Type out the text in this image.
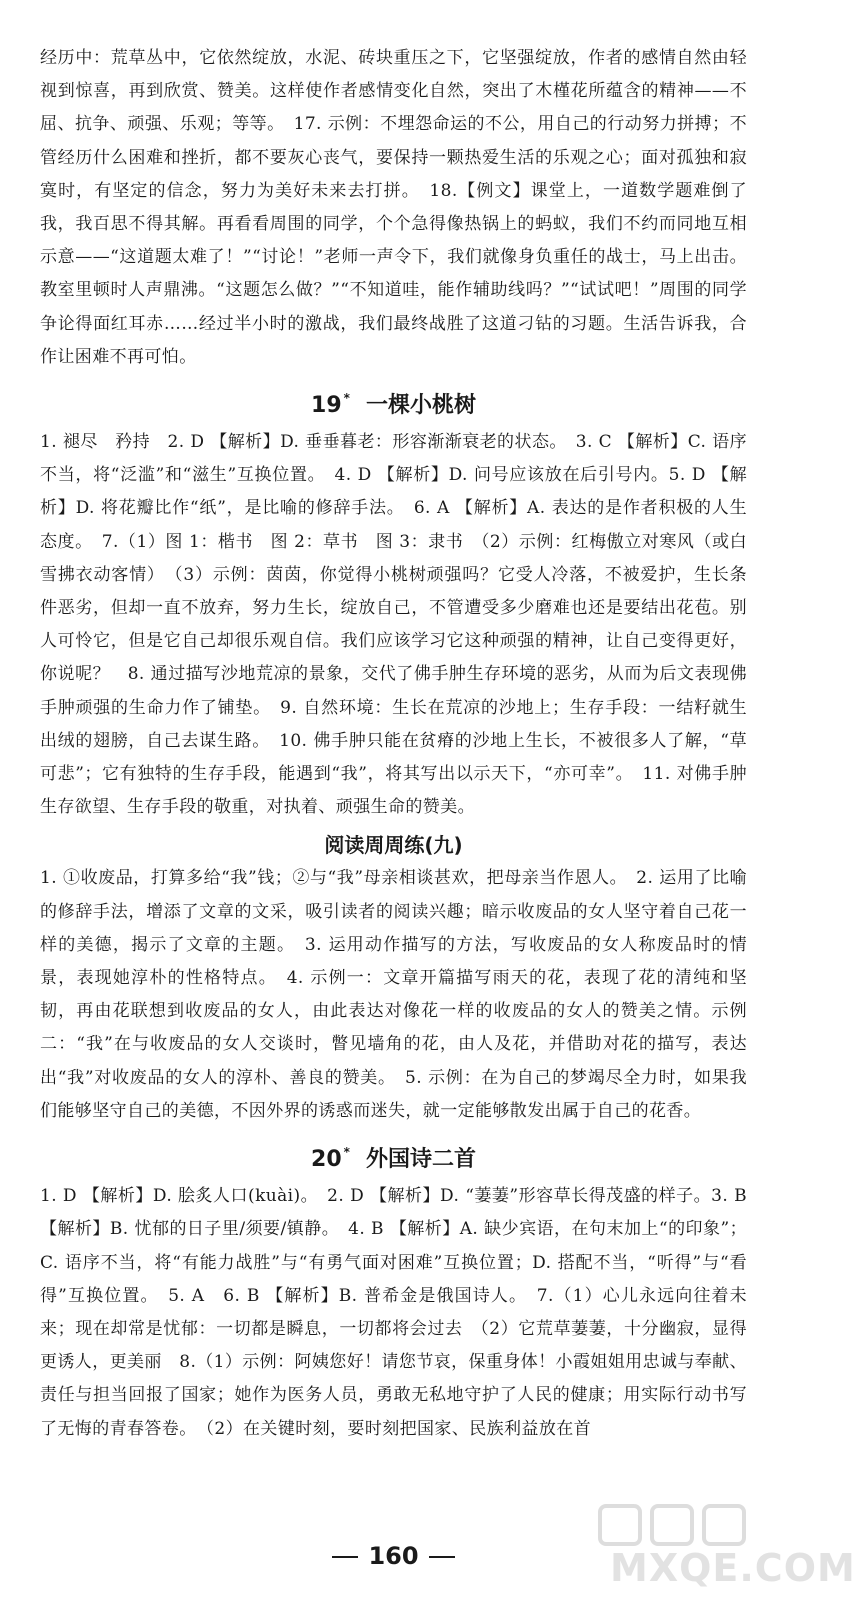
经历中：荒草丛中，它依然绽放，水泥、砖块重压之下，它坚强绽放，作者的感情自然由轻视到惊喜，再到欣赏、赞美。这样使作者感情变化自然，突出了木槿花所蕴含的精神——不屈、抗争、顽强、乐观；等等。　17. 示例：不埋怨命运的不公，用自己的行动努力拼搏；不管经历什么困难和挫折，都不要灰心丧气，要保持一颗热爱生活的乐观之心；面对孤独和寂寞时，有坚定的信念，努力为美好未来去打拼。　18.【例文】课堂上，一道数学题难倒了我，我百思不得其解。再看看周围的同学，个个急得像热锅上的蚂蚁，我们不约而同地互相示意——“这道题太难了！”“讨论！”老师一声令下，我们就像身负重任的战士，马上出击。教室里顿时人声鼎沸。“这题怎么做？”“不知道哇，能作辅助线吗？”“试试吧！”周围的同学争论得面红耳赤……经过半小时的激战，我们最终战胜了这道刁钻的习题。生活告诉我，合作让困难不再可怕。

19 * 一棵小桃树

1. 褪尽　矜持　2. D 【解析】D. 垂垂暮老：形容渐渐衰老的状态。　3. C 【解析】C. 语序不当，将“泛滥”和“滋生”互换位置。　4. D 【解析】D. 问号应该放在后引号内。5. D 【解析】D. 将花瓣比作“纸”，是比喻的修辞手法。　6. A 【解析】A. 表达的是作者积极的人生态度。　7.（1）图 1：楷书　图 2：草书　图 3：隶书　（2）示例：红梅傲立对寒风（或白雪拂衣动客情）　（3）示例：茵茵，你觉得小桃树顽强吗？它受人冷落，不被爱护，生长条件恶劣，但却一直不放弃，努力生长，绽放自己，不管遭受多少磨难也还是要结出花苞。别人可怜它，但是它自己却很乐观自信。我们应该学习它这种顽强的精神，让自己变得更好，你说呢？　8. 通过描写沙地荒凉的景象，交代了佛手肿生存环境的恶劣，从而为后文表现佛手肿顽强的生命力作了铺垫。　9. 自然环境：生长在荒凉的沙地上；生存手段：一结籽就生出绒的翅膀，自己去谋生路。　10. 佛手肿只能在贫瘠的沙地上生长，不被很多人了解，“草可悲”；它有独特的生存手段，能遇到“我”，将其写出以示天下，“亦可幸”。　11. 对佛手肿生存欲望、生存手段的敬重，对执着、顽强生命的赞美。

阅读周周练(九)

1. ①收废品，打算多给“我”钱；②与“我”母亲相谈甚欢，把母亲当作恩人。　2. 运用了比喻的修辞手法，增添了文章的文采，吸引读者的阅读兴趣；暗示收废品的女人坚守着自己花一样的美德，揭示了文章的主题。　3. 运用动作描写的方法，写收废品的女人称废品时的情景，表现她淳朴的性格特点。　4. 示例一：文章开篇描写雨天的花，表现了花的清纯和坚韧，再由花联想到收废品的女人，由此表达对像花一样的收废品的女人的赞美之情。示例二：“我”在与收废品的女人交谈时，瞥见墙角的花，由人及花，并借助对花的描写，表达出“我”对收废品的女人的淳朴、善良的赞美。　5. 示例：在为自己的梦竭尽全力时，如果我们能够坚守自己的美德，不因外界的诱惑而迷失，就一定能够散发出属于自己的花香。

20 * 外国诗二首

1. D 【解析】D. 脍炙人口(kuài)。　2. D 【解析】D. “萋萋”形容草长得茂盛的样子。3. B 【解析】B. 忧郁的日子里/须要/镇静。　4. B 【解析】A. 缺少宾语，在句末加上“的印象”；C. 语序不当，将“有能力战胜”与“有勇气面对困难”互换位置；D. 搭配不当，“听得”与“看得”互换位置。　5. A　6. B 【解析】B. 普希金是俄国诗人。　7.（1）心儿永远向往着未来；现在却常是忧郁：一切都是瞬息，一切都将会过去　（2）它荒草萋萋，十分幽寂，显得更诱人，更美丽　8.（1）示例：阿姨您好！请您节哀，保重身体！小霞姐姐用忠诚与奉献、责任与担当回报了国家；她作为医务人员，勇敢无私地守护了人民的健康；用实际行动书写了无悔的青春答卷。　（2）在关键时刻，要时刻把国家、民族利益放在首

160	MXQE.COM
